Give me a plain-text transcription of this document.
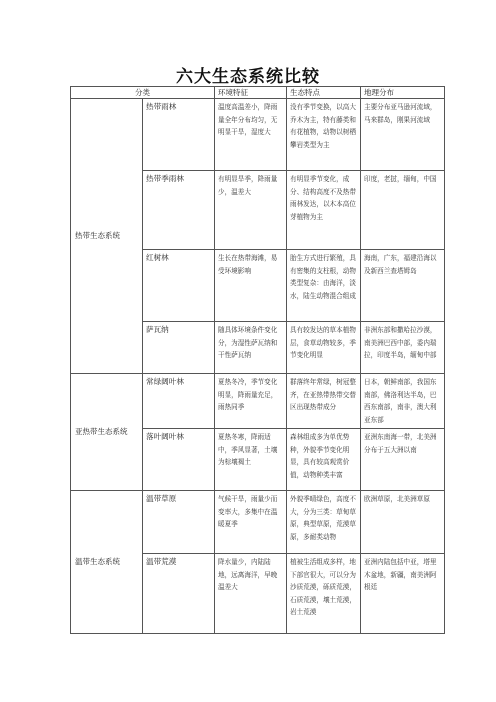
六大生态系统比较
分类		环境特征	生态特点	地理分布
热带生态系统	热带雨林	温度高温差小，降雨量全年分布均匀，无明显干旱，湿度大	没有季节变换，以高大乔木为主，特有藤类和有花植物，动物以树栖攀岩类型为主	主要分布亚马逊河流域，马来群岛，刚果河流域
	热带季雨林	有明显旱季，降雨量少，温差大	有明显季节变化，成分、结构高度不及热带雨林发达，以木本高位芽植物为主	印度，老挝，缅甸，中国
	红树林	生长在热带海滩，易受环境影响	胎生方式进行繁殖，具有密集的支柱根，动物类型复杂：由海洋，淡水，陆生动物混合组成	海南，广东，福建沿海以及新西兰查塔姆岛
	萨瓦纳	随具体环境条件变化分，为湿性萨瓦纳和干性萨瓦纳	具有较发达的草本植物层，食草动物较多，季节变化明显	非洲东部和撒哈拉沙漠，南美洲巴西中部，委内瑞拉，印度半岛，缅甸中部
亚热带生态系统	常绿阔叶林	夏热冬冷，季节变化明显，降雨量充足，雨热同季	群落终年常绿，树冠整齐，在亚热带热带交替区出现热带成分	日本，朝鲜南部，我国东南部，佛洛利达半岛，巴西东南部，南非，澳大利亚东部
	落叶阔叶林	夏热冬寒，降雨适中，季风显著，土壤为棕壤褐土	森林组成多为单优势种，外貌季节变化明显，具有较高观赏价值，动物种类丰富	亚洲东南海一带，北美洲分布于五大洲以南
温带生态系统	温带草原	气候干旱，雨量少而变率大，多集中在温暖夏季	外貌季晴绿色，高度不大，分为三类：草甸草原，典型草原，荒漠草原，多耐类动物	欧洲草原，北美洲草原
	温带荒漠	降水量少，内陆陆地，远离海洋，早晚温差大	植被生活组成多样，地下部官很大，可以分为沙质荒漠，砾质荒漠，石质荒漠，壤土荒漠，岩土荒漠	亚洲内陆包括中亚，塔里木盆地，新疆，南美洲阿根廷
